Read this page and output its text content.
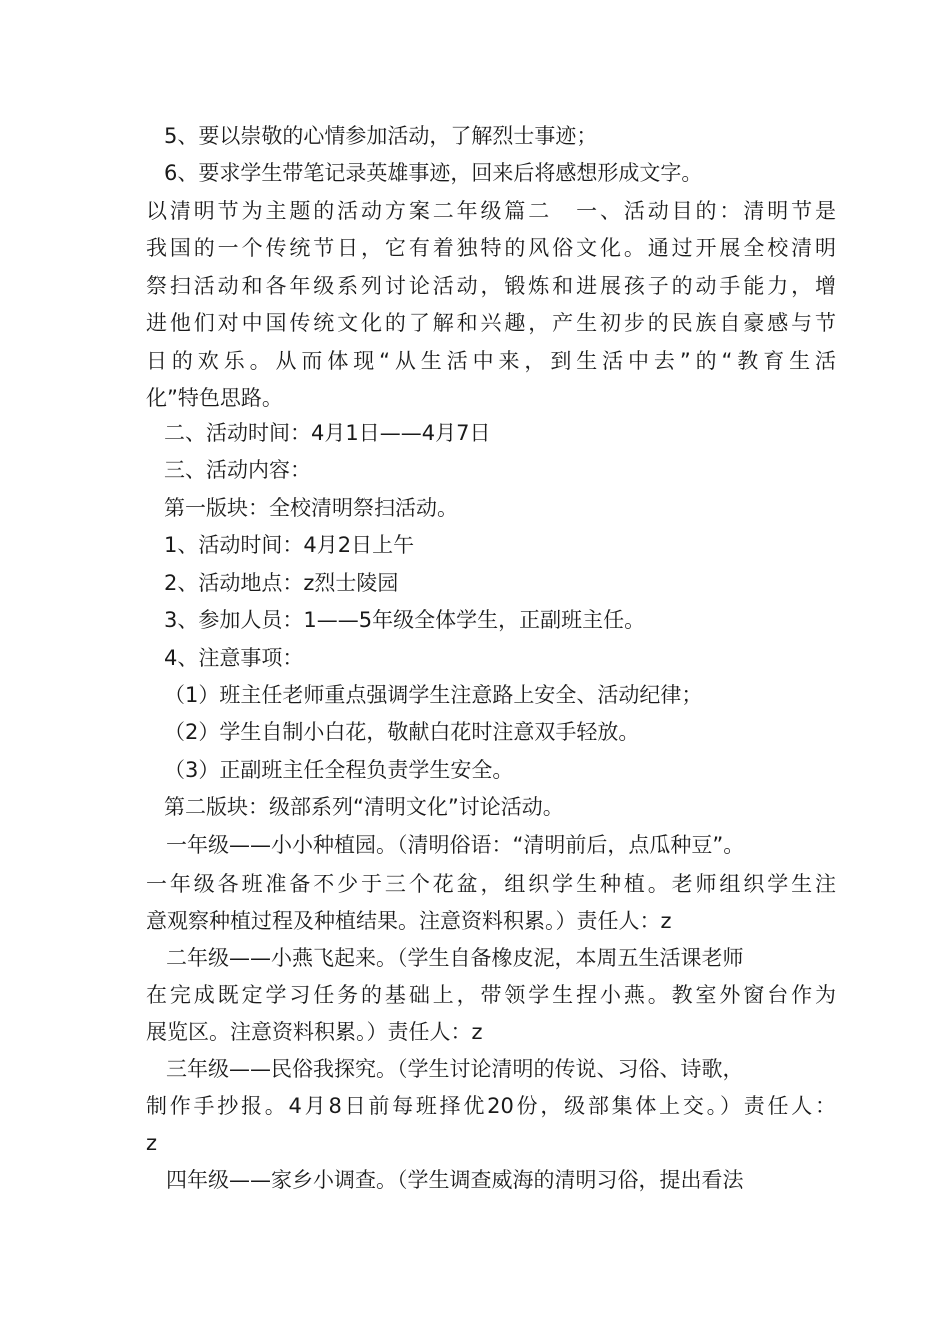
5、要以崇敬的心情参加活动，了解烈士事迹；
6、要求学生带笔记录英雄事迹，回来后将感想形成文字。
以清明节为主题的活动方案二年级篇二　一、活动目的：清明节是
我国的一个传统节日，它有着独特的风俗文化。通过开展全校清明
祭扫活动和各年级系列讨论活动，锻炼和进展孩子的动手能力，增
进他们对中国传统文化的了解和兴趣，产生初步的民族自豪感与节
日的欢乐。从而体现“从生活中来，到生活中去”的“教育生活
化”特色思路。
二、活动时间：4月1日——4月7日
三、活动内容：
第一版块：全校清明祭扫活动。
1、活动时间：4月2日上午
2、活动地点：z烈士陵园
3、参加人员：1——5年级全体学生，正副班主任。
4、注意事项：
（1）班主任老师重点强调学生注意路上安全、活动纪律；
（2）学生自制小白花，敬献白花时注意双手轻放。
（3）正副班主任全程负责学生安全。
第二版块：级部系列“清明文化”讨论活动。
一年级——小小种植园。（清明俗语：“清明前后，点瓜种豆”。
一年级各班准备不少于三个花盆，组织学生种植。老师组织学生注
意观察种植过程及种植结果。注意资料积累。）责任人：z
二年级——小燕飞起来。（学生自备橡皮泥，本周五生活课老师
在完成既定学习任务的基础上，带领学生捏小燕。教室外窗台作为
展览区。注意资料积累。）责任人：z
三年级——民俗我探究。（学生讨论清明的传说、习俗、诗歌，
制作手抄报。4月8日前每班择优20份，级部集体上交。）责任人：
z
四年级——家乡小调查。（学生调查威海的清明习俗，提出看法
